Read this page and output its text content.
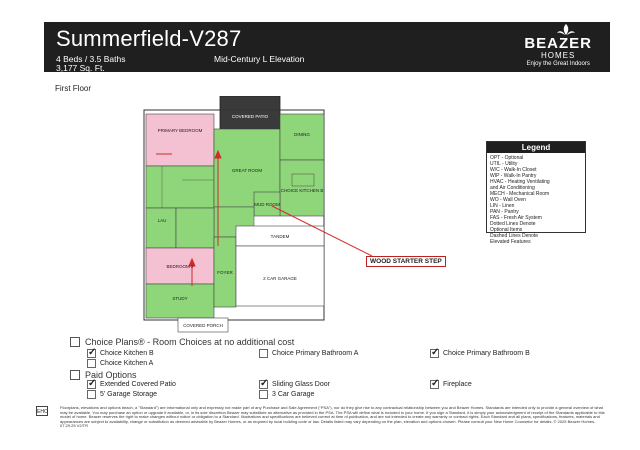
Summerfield-V287
4 Beds / 3.5 Baths
3,177 Sq. Ft.
Mid-Century L Elevation
BEAZER
HOMES
Enjoy the Great Indoors
First Floor
COVERED PATIO
PRIMARY BEDROOM
DINING
GREAT ROOM
CHOICE KITCHEN B
MUD ROOM
LAU
BEDROOM 2
STUDY
FOYER
TANDEM
2 CAR GARAGE
COVERED PORCH
Legend
OPT - Optional
UTIL - Utility
W/C - Walk-In Closet
WIP - Walk-In Pantry
HVAC - Heating Ventilating
and Air Conditioning
MECH - Mechanical Room
WO - Wall Oven
LIN - Linen
PAN - Pantry
FAS - Fresh Air System
Dotted Lines Denote
Optional Items
Dashed Lines Denote
Elevated Features
WOOD STARTER STEP
Choice Plans® - Room Choices at no additional cost
✓
Choice Kitchen B	Choice Primary Bathroom A ✓	Choice Primary Bathroom B
Choice Kitchen A
Paid Options
✓
Extended Covered Patio ✓	Sliding Glass Door ✓	Fireplace
5' Garage Storage	3 Car Garage
EHO
Floorplans, elevations and options beach, a "Standard") are informational only and expressly not made part of any Purchase and Sale Agreement ("PSA"), nor do they give rise to any contractual relationship between you and Beazer Homes. Standards are intended only to provide a general overview of what may be available. You may purchase an option or upgrade if available, or, in its sole discretion Beazer may substitute an alternative as provided in the PSA. The PSA will define what is included in your home. If you sign a Standard, it is simply your acknowledgment of receipt of the Standards applicable to this model of home. Beazer reserves the right to make changes without notice or obligation to a Standard. Illustrations and specifications are believed correct at time of publication, and are not intended to create any warranty or contract rights. Each Standard and all plans, specifications, features, materials and appearances are subject to availability, change or substitution as deemed advisable by Beazer Homes, or as required by local building code or law. Details listed may vary depending on the plan, elevation and options chosen. Please consult your New Home Counselor for details. © 2025 Beazer Homes. 07.29.25 V2/TR
